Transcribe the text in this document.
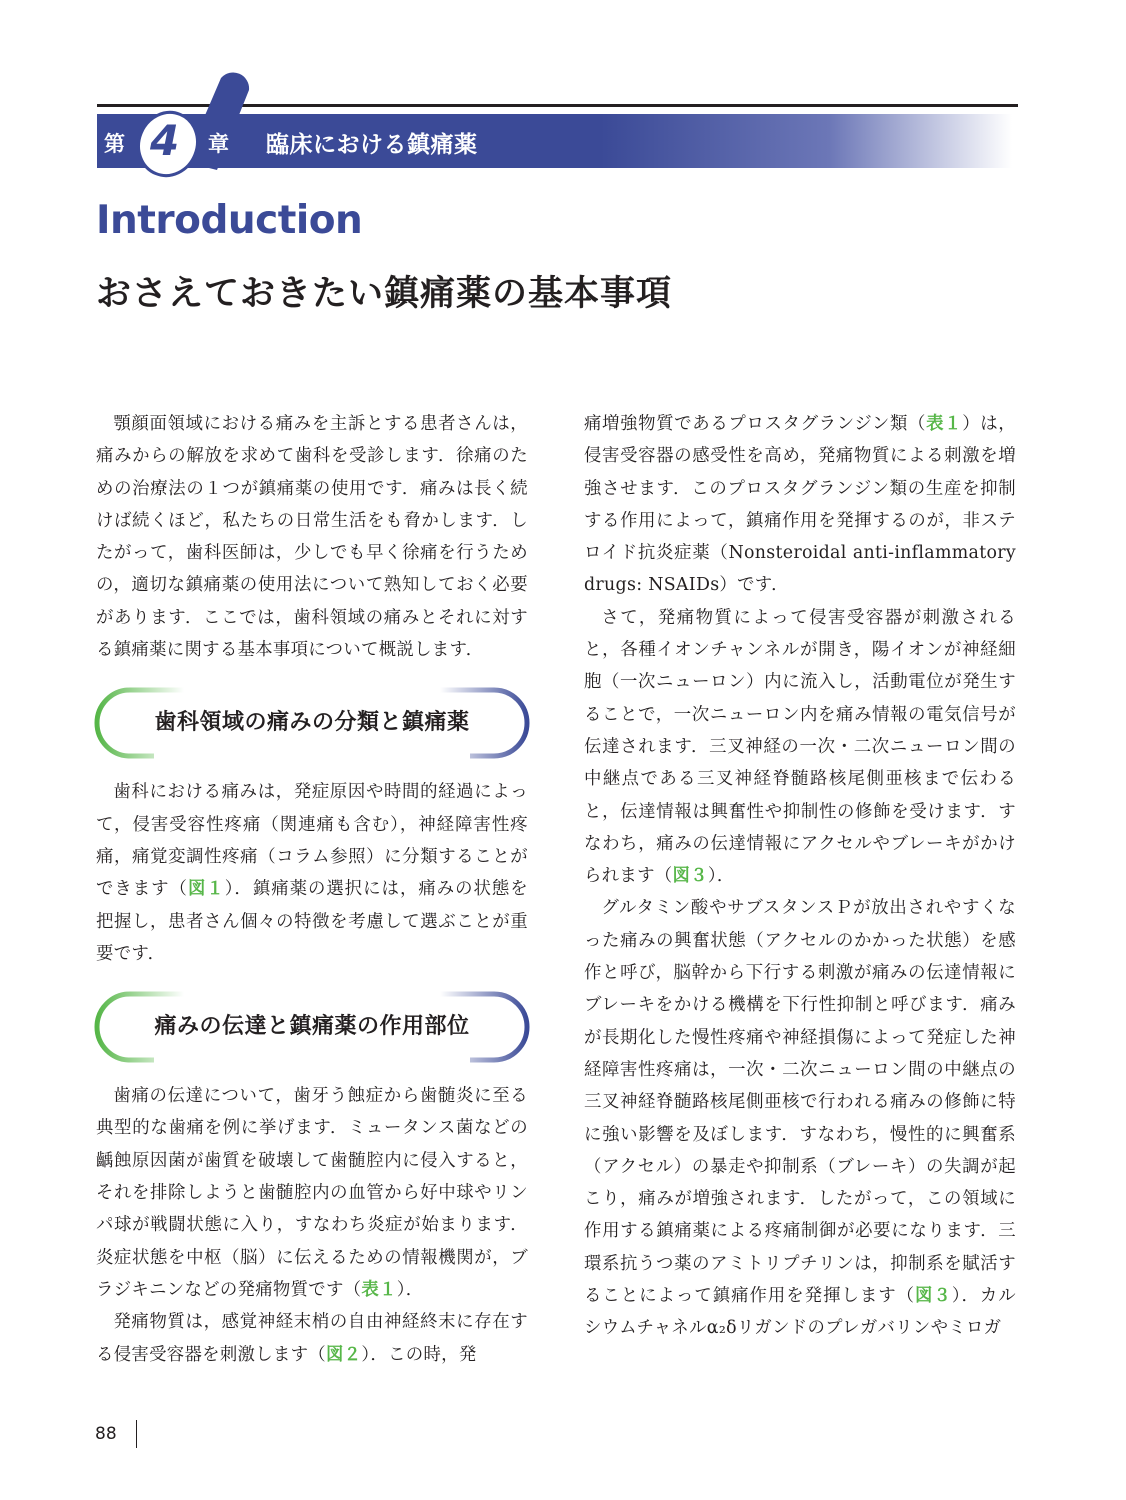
第 4 章 臨床における鎮痛薬
Introduction
おさえておきたい鎮痛薬の基本事項

顎顔面領域における痛みを主訴とする患者さんは，痛みからの解放を求めて歯科を受診します．徐痛のための治療法の１つが鎮痛薬の使用です．痛みは長く続けば続くほど，私たちの日常生活をも脅かします．したがって，歯科医師は，少しでも早く徐痛を行うための，適切な鎮痛薬の使用法について熟知しておく必要があります．ここでは，歯科領域の痛みとそれに対する鎮痛薬に関する基本事項について概説します．

歯科領域の痛みの分類と鎮痛薬

歯科における痛みは，発症原因や時間的経過によって，侵害受容性疼痛（関連痛も含む），神経障害性疼痛，痛覚変調性疼痛（コラム参照）に分類することができます（図１）．鎮痛薬の選択には，痛みの状態を把握し，患者さん個々の特徴を考慮して選ぶことが重要です．

痛みの伝達と鎮痛薬の作用部位

歯痛の伝達について，歯牙う蝕症から歯髄炎に至る典型的な歯痛を例に挙げます．ミュータンス菌などの齲蝕原因菌が歯質を破壊して歯髄腔内に侵入すると，それを排除しようと歯髄腔内の血管から好中球やリンパ球が戦闘状態に入り，すなわち炎症が始まります．炎症状態を中枢（脳）に伝えるための情報機関が，ブラジキニンなどの発痛物質です（表１）．

発痛物質は，感覚神経末梢の自由神経終末に存在する侵害受容器を刺激します（図２）．この時，発

痛増強物質であるプロスタグランジン類（表１）は，侵害受容器の感受性を高め，発痛物質による刺激を増強させます．このプロスタグランジン類の生産を抑制する作用によって，鎮痛作用を発揮するのが，非ステロイド抗炎症薬（Nonsteroidal anti-inflammatory drugs: NSAIDs）です．

さて，発痛物質によって侵害受容器が刺激されると，各種イオンチャンネルが開き，陽イオンが神経細胞（一次ニューロン）内に流入し，活動電位が発生することで，一次ニューロン内を痛み情報の電気信号が伝達されます．三叉神経の一次・二次ニューロン間の中継点である三叉神経脊髄路核尾側亜核まで伝わると，伝達情報は興奮性や抑制性の修飾を受けます．すなわち，痛みの伝達情報にアクセルやブレーキがかけられます（図３）．

グルタミン酸やサブスタンスＰが放出されやすくなった痛みの興奮状態（アクセルのかかった状態）を感作と呼び，脳幹から下行する刺激が痛みの伝達情報にブレーキをかける機構を下行性抑制と呼びます．痛みが長期化した慢性疼痛や神経損傷によって発症した神経障害性疼痛は，一次・二次ニューロン間の中継点の三叉神経脊髄路核尾側亜核で行われる痛みの修飾に特に強い影響を及ぼします．すなわち，慢性的に興奮系（アクセル）の暴走や抑制系（ブレーキ）の失調が起こり，痛みが増強されます．したがって，この領域に作用する鎮痛薬による疼痛制御が必要になります．三環系抗うつ薬のアミトリプチリンは，抑制系を賦活することによって鎮痛作用を発揮します（図３）．カルシウムチャネルα₂δリガンドのプレガバリンやミロガ

88
